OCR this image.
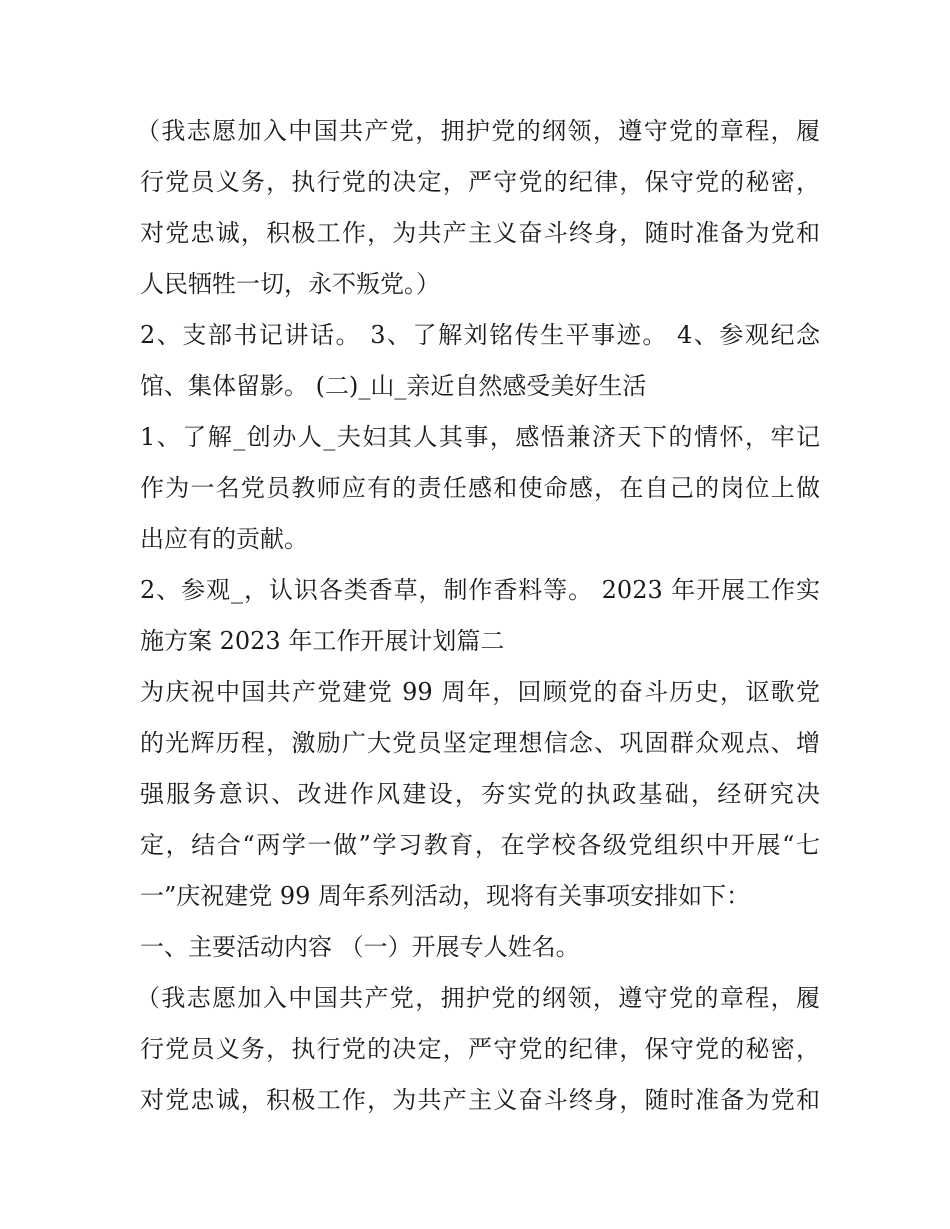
（我志愿加入中国共产党，拥护党的纲领，遵守党的章程，履
行党员义务，执行党的决定，严守党的纪律，保守党的秘密，
对党忠诚，积极工作，为共产主义奋斗终身，随时准备为党和
人民牺牲一切，永不叛党。）
2、支部书记讲话。 3、了解刘铭传生平事迹。 4、参观纪念
馆、集体留影。 (二)_山_亲近自然感受美好生活
1、了解_创办人_夫妇其人其事，感悟兼济天下的情怀，牢记
作为一名党员教师应有的责任感和使命感，在自己的岗位上做
出应有的贡献。
2、参观_，认识各类香草，制作香料等。 2023 年开展工作实
施方案 2023 年工作开展计划篇二
为庆祝中国共产党建党 99 周年，回顾党的奋斗历史，讴歌党
的光辉历程，激励广大党员坚定理想信念、巩固群众观点、增
强服务意识、改进作风建设，夯实党的执政基础，经研究决
定，结合“两学一做”学习教育，在学校各级党组织中开展“七
一”庆祝建党 99 周年系列活动，现将有关事项安排如下：
一、主要活动内容 （一）开展专人姓名。
（我志愿加入中国共产党，拥护党的纲领，遵守党的章程，履
行党员义务，执行党的决定，严守党的纪律，保守党的秘密，
对党忠诚，积极工作，为共产主义奋斗终身，随时准备为党和
